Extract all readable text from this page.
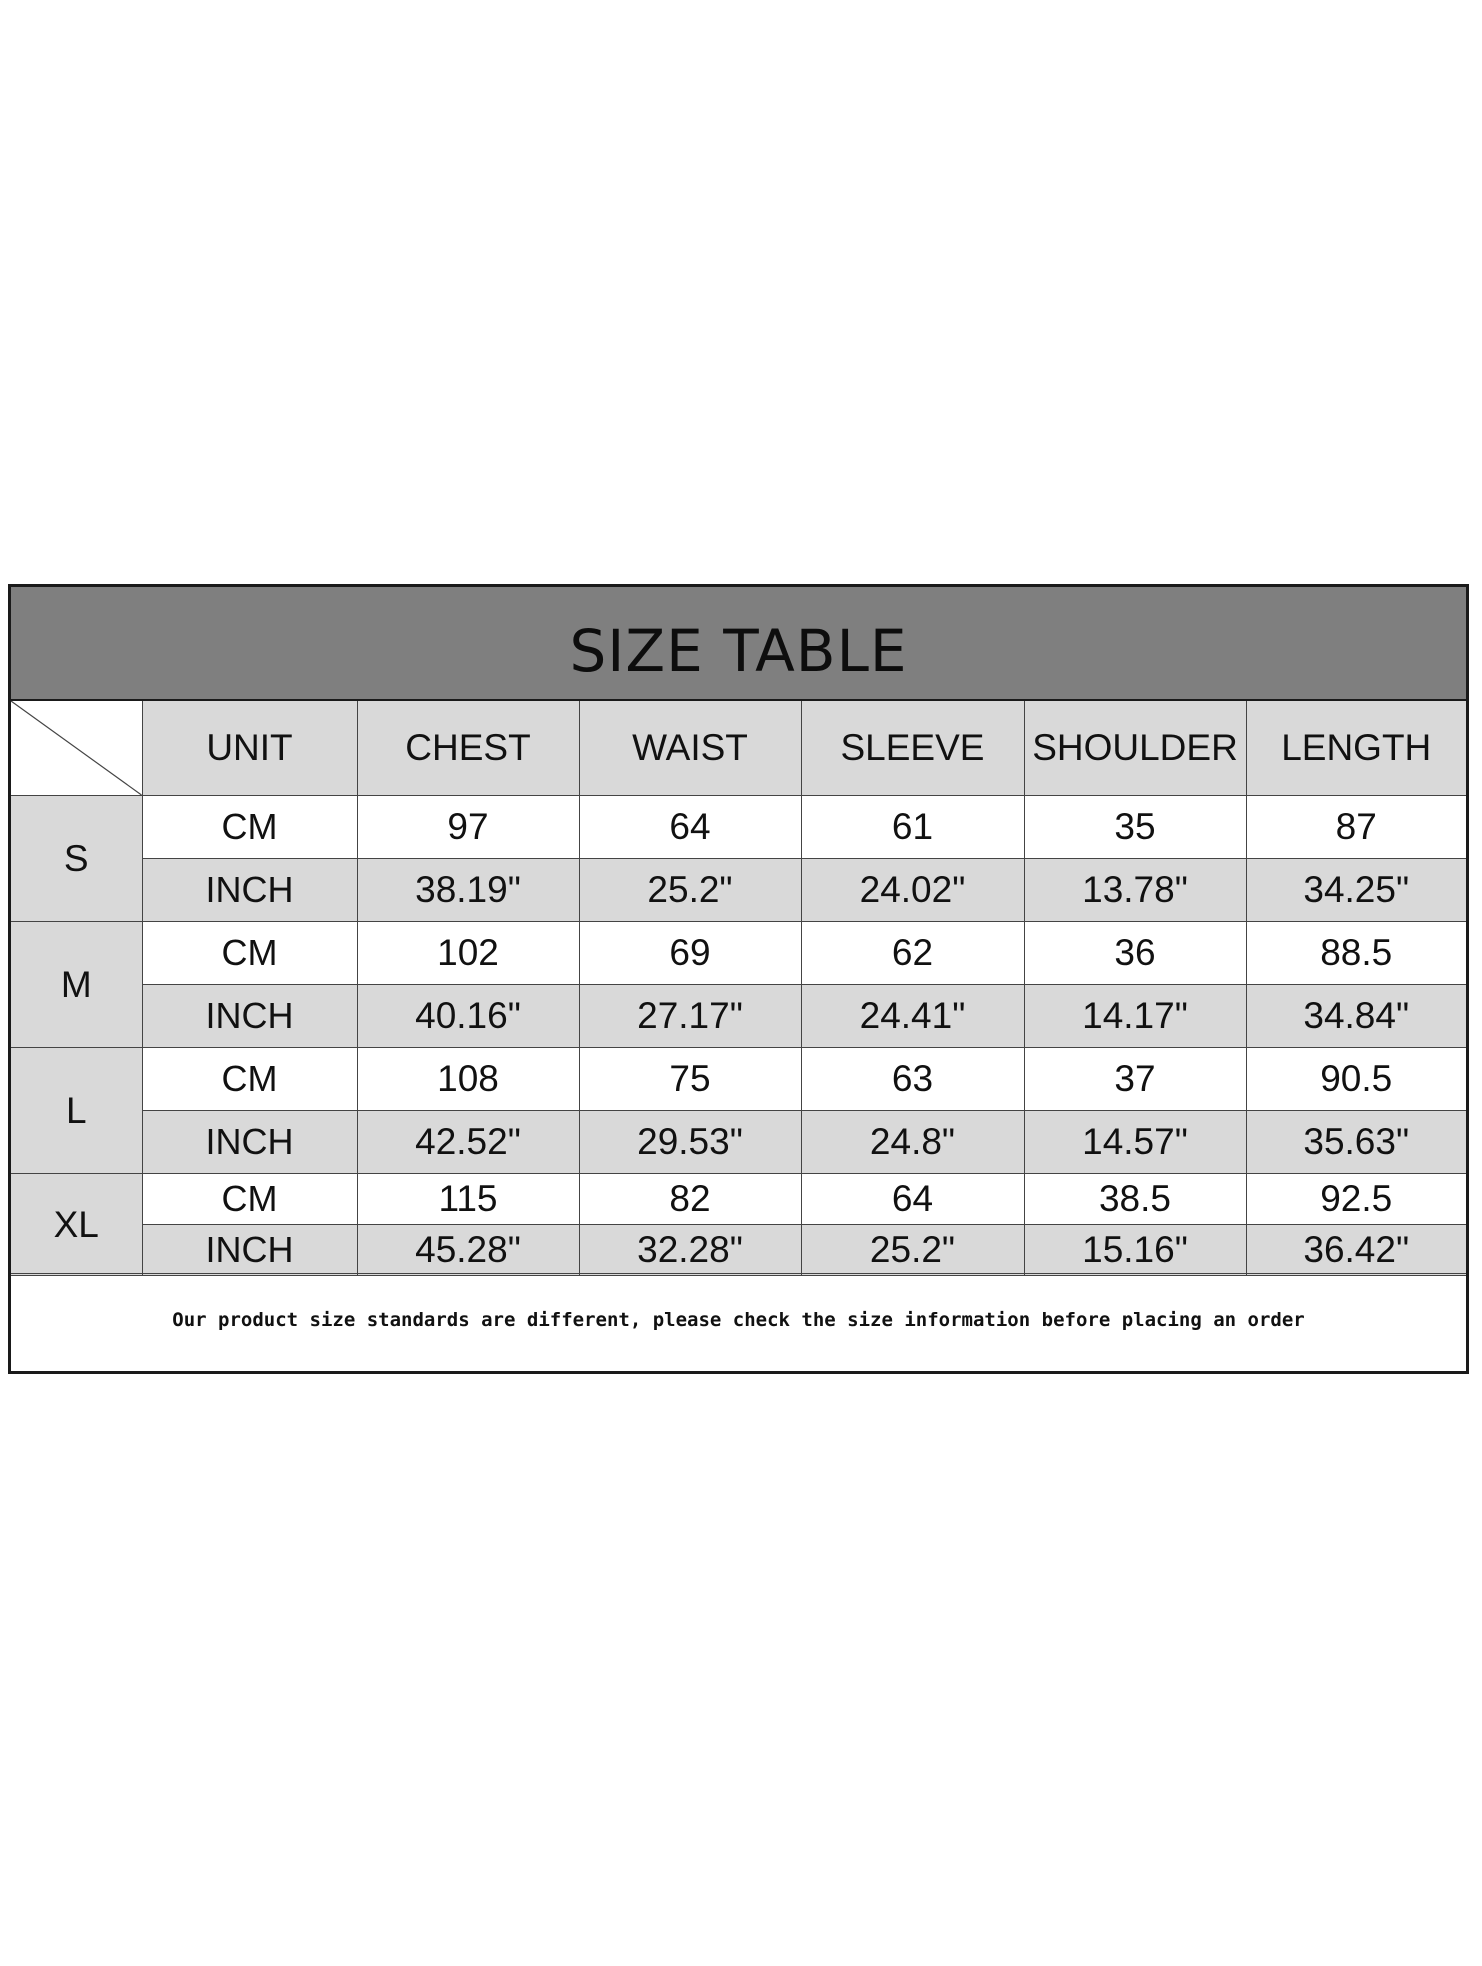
SIZE TABLE
	UNIT	CHEST	WAIST	SLEEVE	SHOULDER	LENGTH
S	CM	97	64	61	35	87
	INCH	38.19"	25.2"	24.02"	13.78"	34.25"
M	CM	102	69	62	36	88.5
	INCH	40.16"	27.17"	24.41"	14.17"	34.84"
L	CM	108	75	63	37	90.5
	INCH	42.52"	29.53"	24.8"	14.57"	35.63"
XL	CM	115	82	64	38.5	92.5
	INCH	45.28"	32.28"	25.2"	15.16"	36.42"
Our product size standards are different, please check the size information before placing an order
